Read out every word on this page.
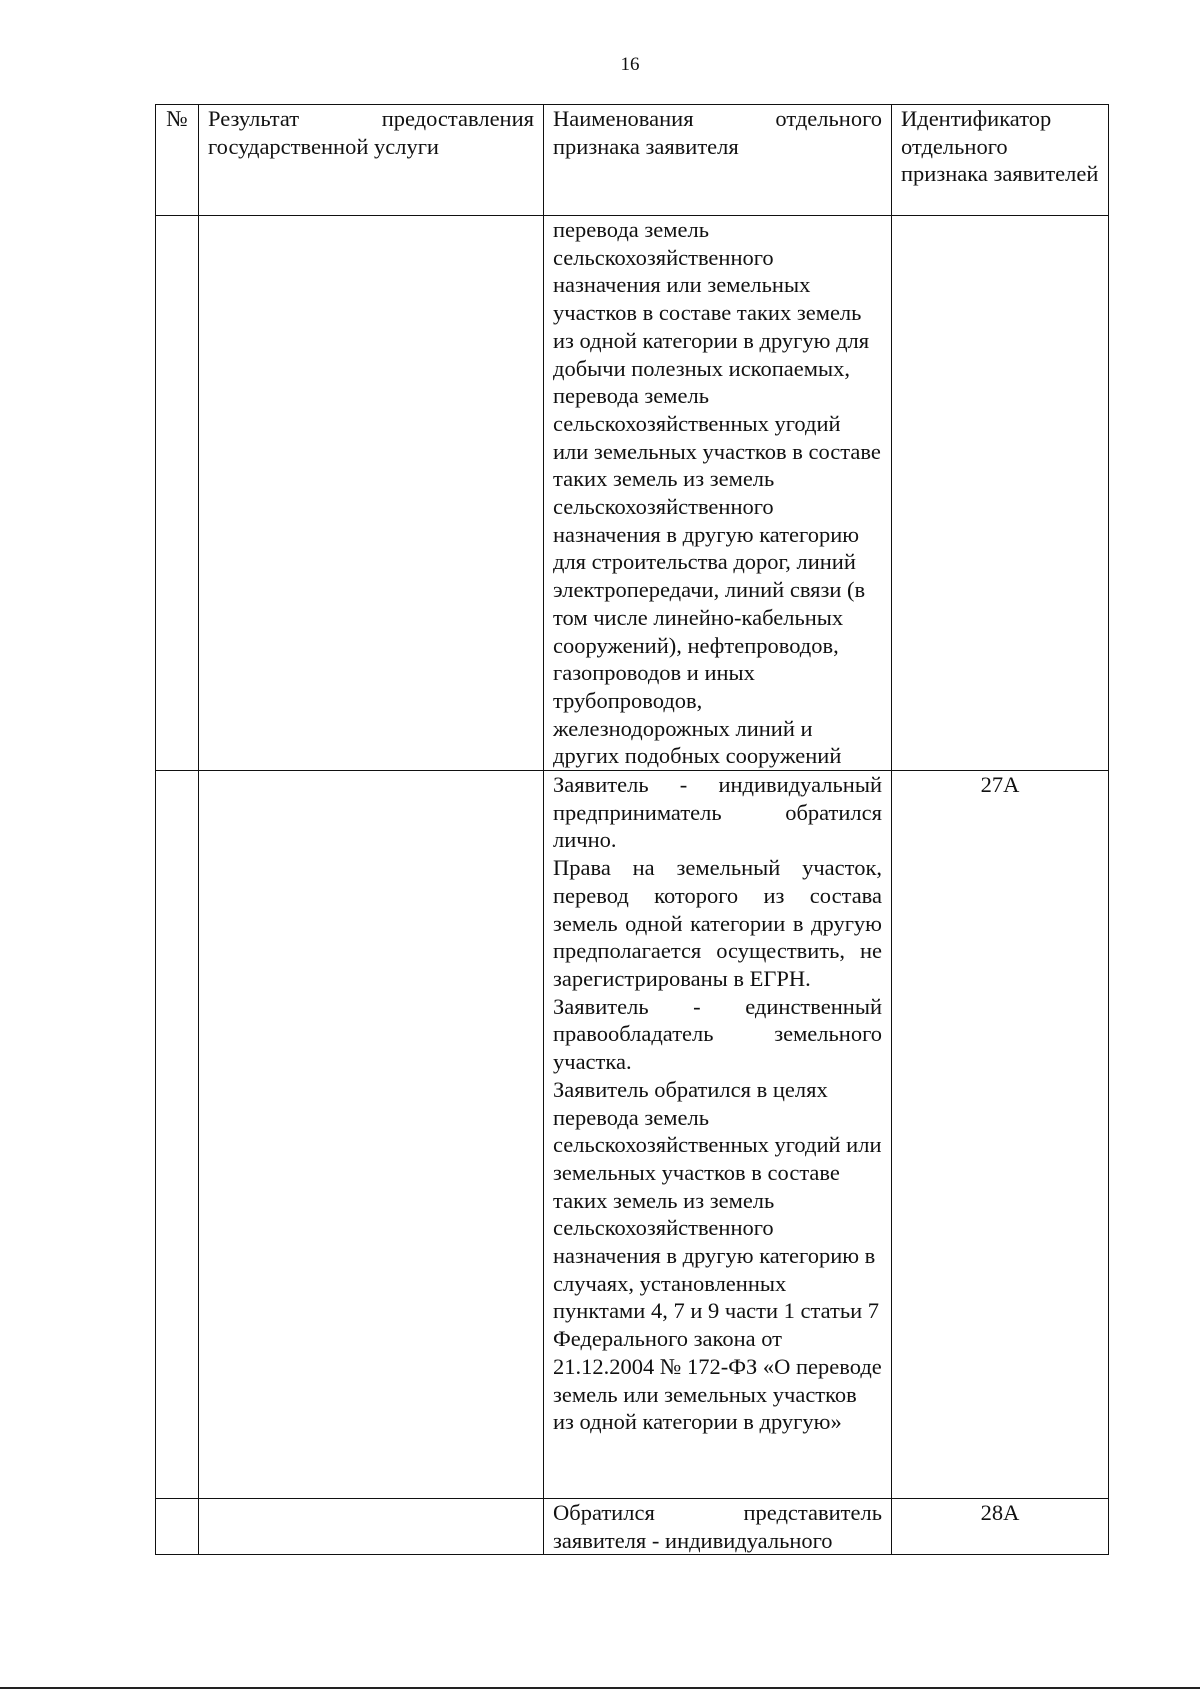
16
№	Результат предоставления государственной услуги	Наименования отдельного признака заявителя	Идентификатор отдельного признака заявителей

		перевода земель сельскохозяйственного назначения или земельных участков в составе таких земель из одной категории в другую для добычи полезных ископаемых, перевода земель сельскохозяйственных угодий или земельных участков в составе таких земель из земель сельскохозяйственного назначения в другую категорию для строительства дорог, линий электропередачи, линий связи (в том числе линейно-кабельных сооружений), нефтепроводов, газопроводов и иных трубопроводов, железнодорожных линий и других подобных сооружений	

		Заявитель - индивидуальный предприниматель обратился лично.

Права на земельный участок, перевод которого из состава земель одной категории в другую предполагается осуществить, не зарегистрированы в ЕГРН.

Заявитель - единственный правообладатель земельного участка.

Заявитель обратился в целях перевода земель сельскохозяйственных угодий или земельных участков в составе таких земель из земель сельскохозяйственного назначения в другую категорию в случаях, установленных пунктами 4, 7 и 9 части 1 статьи 7 Федерального закона от 21.12.2004 № 172-ФЗ «О переводе земель или земельных участков из одной категории в другую»	27А

		Обратился представитель заявителя - индивидуального	28А
